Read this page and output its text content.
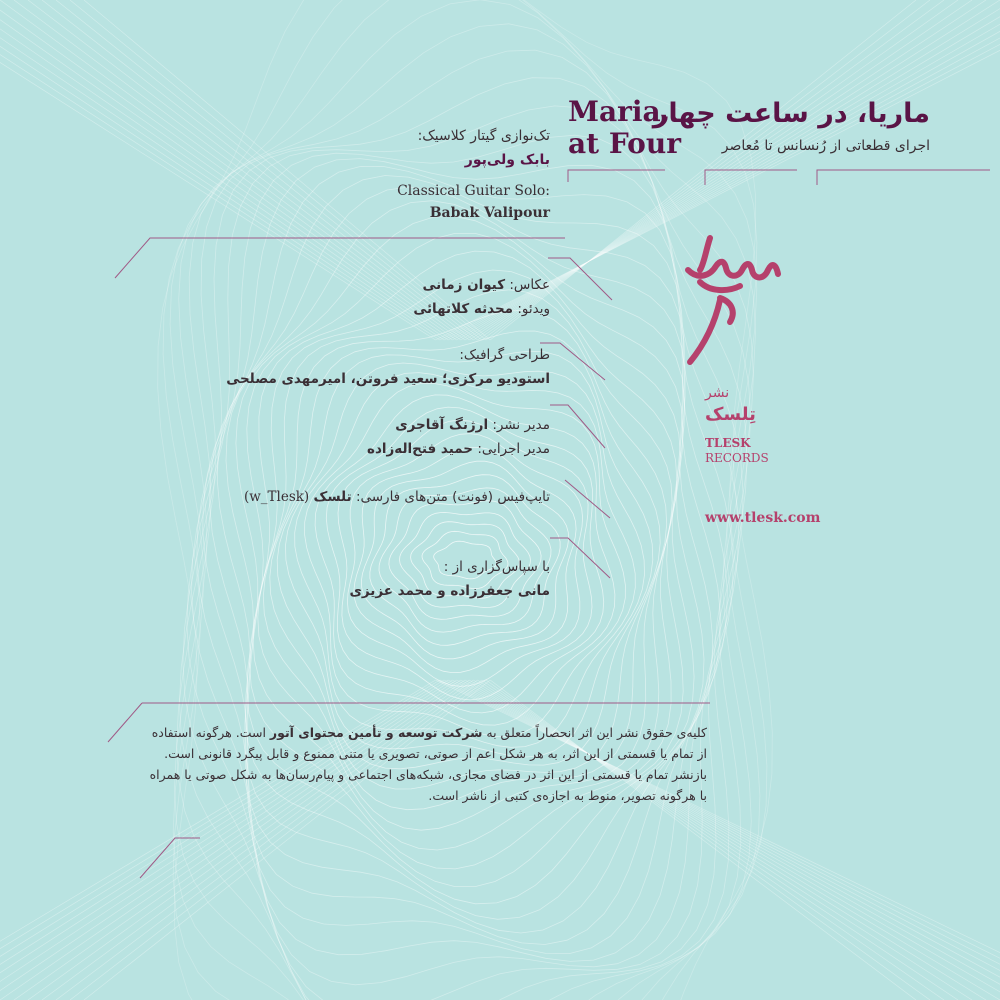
ماریا، در ساعت چهار
اجرای قطعاتی از رُنسانس تا مُعاصر
Maria,
at Four
تک‌نوازی گیتار کلاسیک:
بابک ولی‌پور
Classical Guitar Solo:
Babak Valipour
عکاس: کیوان زمانی
ویدئو: محدثه کلاتهائی
طراحی گرافیک:
استودیو مرکزی؛ سعید فروتن، امیرمهدی مصلحی
مدیر نشر: ارژنگ آقاجری
مدیر اجرایی: حمید فتح‌اله‌زاده
تایپ‌فیس (فونت) متن‌های فارسی: تلسک (w_Tlesk)
با سپاس‌گزاری از :
مانی جعفرزاده و محمد عزیزی
نشر
تِلسک
TLESK
RECORDS
www.tlesk.com
کلیه‌ی حقوق نشر این اثر انحصاراً متعلق به شرکت توسعه و تأمین محتوای آتور است. هرگونه استفاده از تمام یا قسمتی از این اثر، به هر شکل اعم از صوتی، تصویری یا متنی ممنوع و قابل پیگرد قانونی است. بازنشر تمام یا قسمتی از این اثر در فضای مجازی، شبکه‌های اجتماعی و پیام‌رسان‌ها به شکل صوتی یا همراه با هرگونه تصویر، منوط به اجازه‌ی کتبی از ناشر است.
